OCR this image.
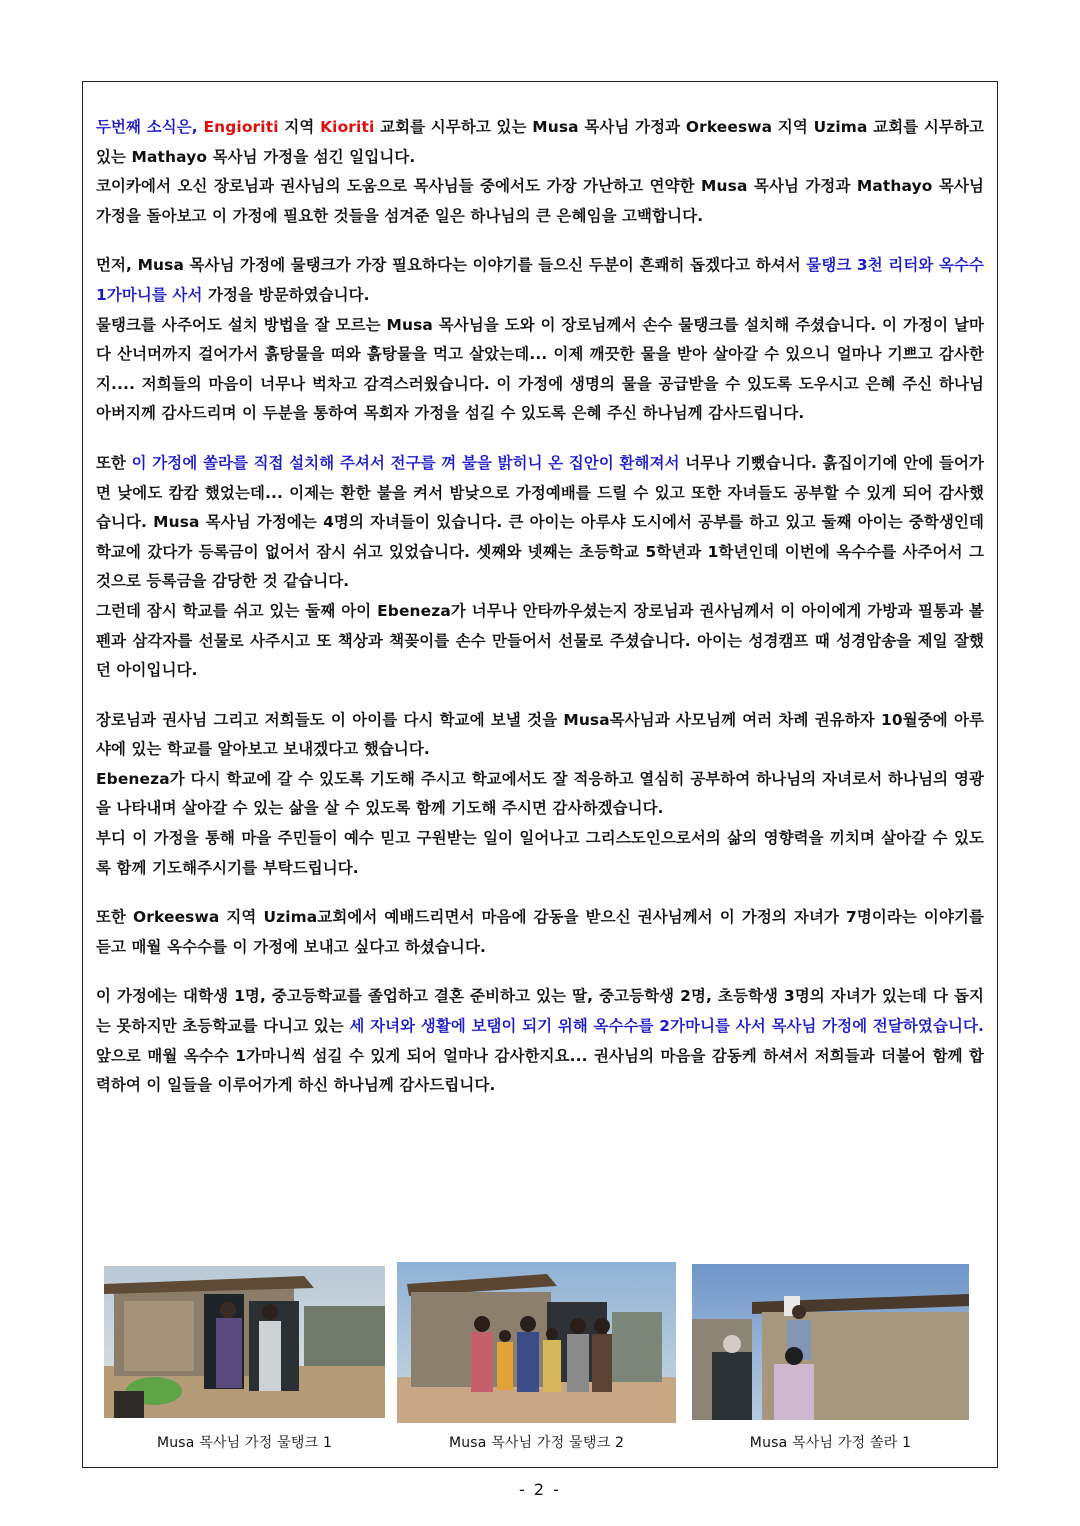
두번째 소식은, Engioriti 지역 Kioriti 교회를 시무하고 있는 Musa 목사님 가정과 Orkeeswa 지역 Uzima 교회를 시무하고 있는 Mathayo 목사님 가정을 섬긴 일입니다.

코이카에서 오신 장로님과 권사님의 도움으로 목사님들 중에서도 가장 가난하고 연약한 Musa 목사님 가정과 Mathayo 목사님 가정을 돌아보고 이 가정에 필요한 것들을 섬겨준 일은 하나님의 큰 은혜임을 고백합니다.

먼저, Musa 목사님 가정에 물탱크가 가장 필요하다는 이야기를 들으신 두분이 흔쾌히 돕겠다고 하셔서 물탱크 3천 리터와 옥수수 1가마니를 사서 가정을 방문하였습니다.

물탱크를 사주어도 설치 방법을 잘 모르는 Musa 목사님을 도와 이 장로님께서 손수 물탱크를 설치해 주셨습니다. 이 가정이 날마다 산너머까지 걸어가서 흙탕물을 떠와 흙탕물을 먹고 살았는데... 이제 깨끗한 물을 받아 살아갈 수 있으니 얼마나 기쁘고 감사한지.... 저희들의 마음이 너무나 벅차고 감격스러웠습니다. 이 가정에 생명의 물을 공급받을 수 있도록 도우시고 은혜 주신 하나님 아버지께 감사드리며 이 두분을 통하여 목회자 가정을 섬길 수 있도록 은혜 주신 하나님께 감사드립니다.

또한 이 가정에 쏠라를 직접 설치해 주셔서 전구를 껴 불을 밝히니 온 집안이 환해져서 너무나 기뻤습니다. 흙집이기에 안에 들어가면 낮에도 캄캄 했었는데... 이제는 환한 불을 켜서 밤낮으로 가정예배를 드릴 수 있고 또한 자녀들도 공부할 수 있게 되어 감사했습니다. Musa 목사님 가정에는 4명의 자녀들이 있습니다. 큰 아이는 아루샤 도시에서 공부를 하고 있고 둘째 아이는 중학생인데 학교에 갔다가 등록금이 없어서 잠시 쉬고 있었습니다. 셋째와 넷째는 초등학교 5학년과 1학년인데 이번에 옥수수를 사주어서 그것으로 등록금을 감당한 것 같습니다.

그런데 잠시 학교를 쉬고 있는 둘째 아이 Ebeneza가 너무나 안타까우셨는지 장로님과 권사님께서 이 아이에게 가방과 필통과 볼펜과 삼각자를 선물로 사주시고 또 책상과 책꽂이를 손수 만들어서 선물로 주셨습니다. 아이는 성경캠프 때 성경암송을 제일 잘했던 아이입니다.

장로님과 권사님 그리고 저희들도 이 아이를 다시 학교에 보낼 것을 Musa목사님과 사모님께 여러 차례 권유하자 10월중에 아루샤에 있는 학교를 알아보고 보내겠다고 했습니다.

Ebeneza가 다시 학교에 갈 수 있도록 기도해 주시고 학교에서도 잘 적응하고 열심히 공부하여 하나님의 자녀로서 하나님의 영광을 나타내며 살아갈 수 있는 삶을 살 수 있도록 함께 기도해 주시면 감사하겠습니다.

부디 이 가정을 통해 마을 주민들이 예수 믿고 구원받는 일이 일어나고 그리스도인으로서의 삶의 영향력을 끼치며 살아갈 수 있도록 함께 기도해주시기를 부탁드립니다.

또한 Orkeeswa 지역 Uzima교회에서 예배드리면서 마음에 감동을 받으신 권사님께서 이 가정의 자녀가 7명이라는 이야기를 듣고 매월 옥수수를 이 가정에 보내고 싶다고 하셨습니다.

이 가정에는 대학생 1명, 중고등학교를 졸업하고 결혼 준비하고 있는 딸, 중고등학생 2명, 초등학생 3명의 자녀가 있는데 다 돕지는 못하지만 초등학교를 다니고 있는 세 자녀와 생활에 보탬이 되기 위해 옥수수를 2가마니를 사서 목사님 가정에 전달하였습니다. 앞으로 매월 옥수수 1가마니씩 섬길 수 있게 되어 얼마나 감사한지요... 권사님의 마음을 감동케 하셔서 저희들과 더불어 함께 합력하여 이 일들을 이루어가게 하신 하나님께 감사드립니다.

Musa 목사님 가정 물탱크 1	Musa 목사님 가정 물탱크 2	Musa 목사님 가정 쏠라 1
- 2 -
